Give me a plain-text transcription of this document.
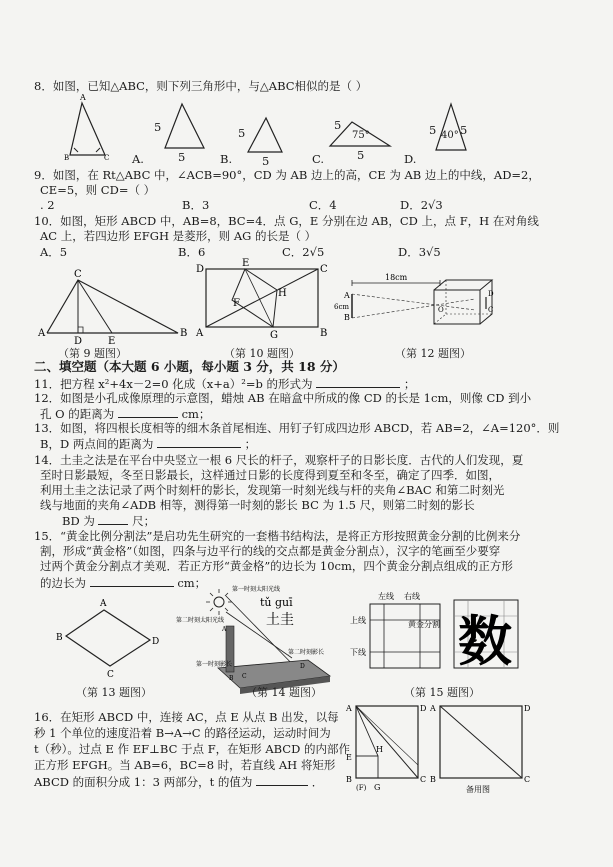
8．如图，已知△ABC，则下列三角形中，与△ABC相似的是（ ）
A
B	C
5
5
A.
5
5
B.
5
75°
5
C.
5 40° 5
D.
9．如图，在 Rt△ABC 中，∠ACB=90°，CD 为 AB 边上的高，CE 为 AB 边上的中线，AD=2，
CE=5，则 CD=（ ）
. 2	B．3	C．4	D．2√3
10．如图，矩形 ABCD 中，AB=8，BC=4．点 G，E 分别在边 AB，CD 上，点 F，H 在对角线
AC 上，若四边形 EFGH 是菱形，则 AG 的长是（ ）
A．5	B．6	C．2√5	D．3√5
C
A
D	E
B
D
E
C
F
H
A	G	B
18cm
A
B
6cm
D
C
O
（第 9 题图）	（第 10 题图）	（第 12 题图）
二、填空题（本大题 6 小题，每小题 3 分，共 18 分）
11．把方程 x²+4x－2=0 化成（x+a）²=b 的形式为	；
12．如图是小孔成像原理的示意图，蜡烛 AB 在暗盒中所成的像 CD 的长是 1cm，则像 CD 到小
孔 O 的距离为	cm；
13．如图，将四根长度相等的细木条首尾相连、用钉子钉成四边形 ABCD，若 AB=2，∠A=120°．则
B，D 两点间的距离为	；
14．土圭之法是在平台中央竖立一根 6 尺长的杆子，观察杆子的日影长度．古代的人们发现，夏
至时日影最短，冬至日影最长，这样通过日影的长度得到夏至和冬至，确定了四季．如图，
利用土圭之法记录了两个时刻杆的影长，发现第一时刻光线与杆的夹角∠BAC 和第二时刻光
线与地面的夹角∠ADB 相等，测得第一时刻的影长 BC 为 1.5 尺，则第二时刻的影长
BD 为	尺；
15．“黄金比例分割法”是启功先生研究的一套楷书结构法，是将正方形按照黄金分割的比例来分
割，形成“黄金格”（如图，四条与边平行的线的交点都是黄金分割点），汉字的笔画至少要穿
过两个黄金分割点才美观．若正方形“黄金格”的边长为 10cm，四个黄金分割点组成的正方形
的边长为	cm；
A
B
C
D
第一时刻太阳光线
第二时刻太阳光线
第一时刻影长
第二时刻影长
tǔ guī
土圭
A
B C
D
左线 右线
上线
下线
黄金分割 数
（第 13 题图）	（第 14 题图）	（第 15 题图）
16．在矩形 ABCD 中，连接 AC，点 E 从点 B 出发，以每
秒 1 个单位的速度沿着 B→A→C 的路径运动，运动时间为
t（秒）。过点 E 作 EF⊥BC 于点 F，在矩形 ABCD 的内部作
正方形 EFGH。当 AB=6，BC=8 时，若直线 AH 将矩形
ABCD 的面积分成 1：3 两部分，t 的值为	．
A	D
H
E
B
(F) G
C
A	D
B	C
备用图
